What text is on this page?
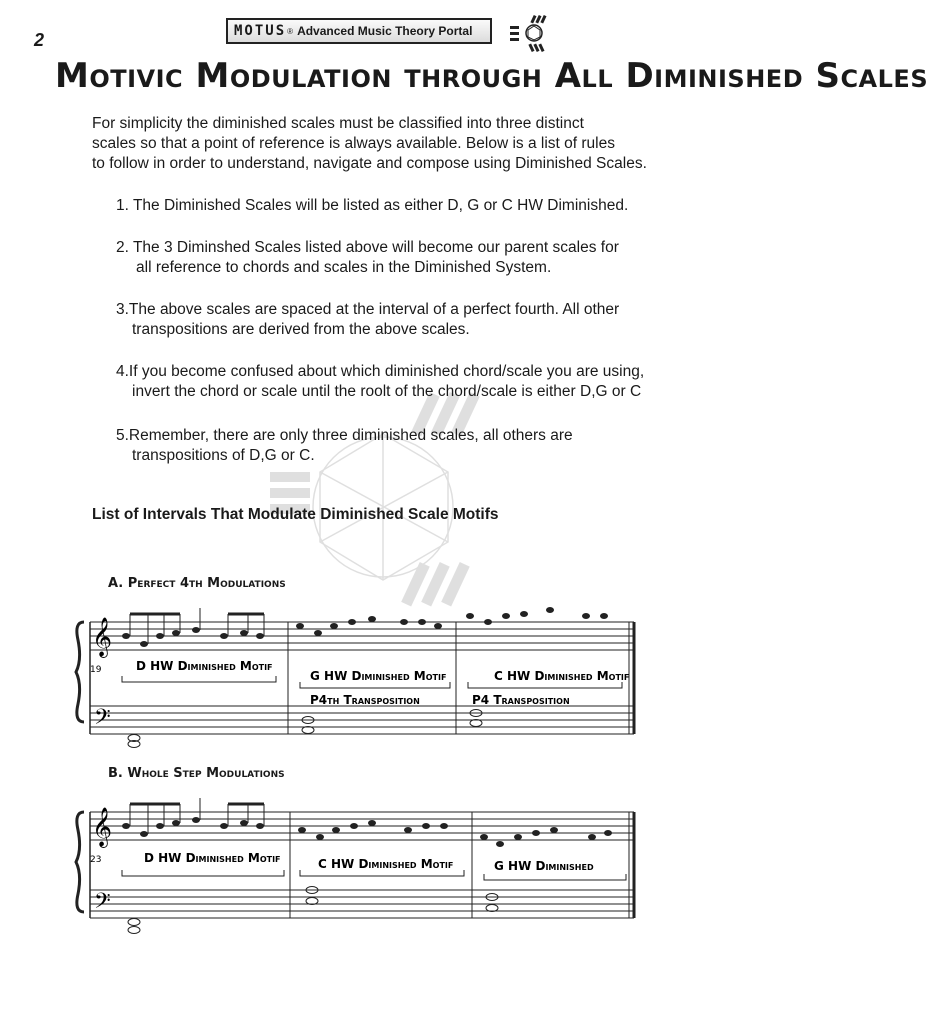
2	MOTUS ® Advanced Music Theory Portal
Motivic Modulation through All Diminished Scales
For simplicity the diminished scales must be classified into three distinct
scales so that a point of reference is always available. Below is a list of rules
to follow in order to understand, navigate and compose using Diminished Scales.
1. The Diminished Scales will be listed as either D, G or C HW Diminished.
2. The 3 Diminshed Scales listed above will become our parent scales for
all reference to chords and scales in the Diminished System.
3.The above scales are spaced at the interval of a perfect fourth. All other
transpositions are derived from the above scales.
4.If you become confused about which diminished chord/scale you are using,
invert the chord or scale until the roolt of the chord/scale is either D,G or C
5.Remember, there are only three diminished scales, all others are
transpositions of D,G or C.
List of Intervals That Modulate Diminished Scale Motifs
A. Perfect 4th Modulations
𝄞
𝄢
19	D HW Diminished Motif
G HW Diminished Motif
P4th Transposition
C HW Diminished Motif
P4 Transposition
B. Whole Step Modulations
𝄞
𝄢
23	D HW Diminished Motif	C HW Diminished Motif	G HW Diminished
